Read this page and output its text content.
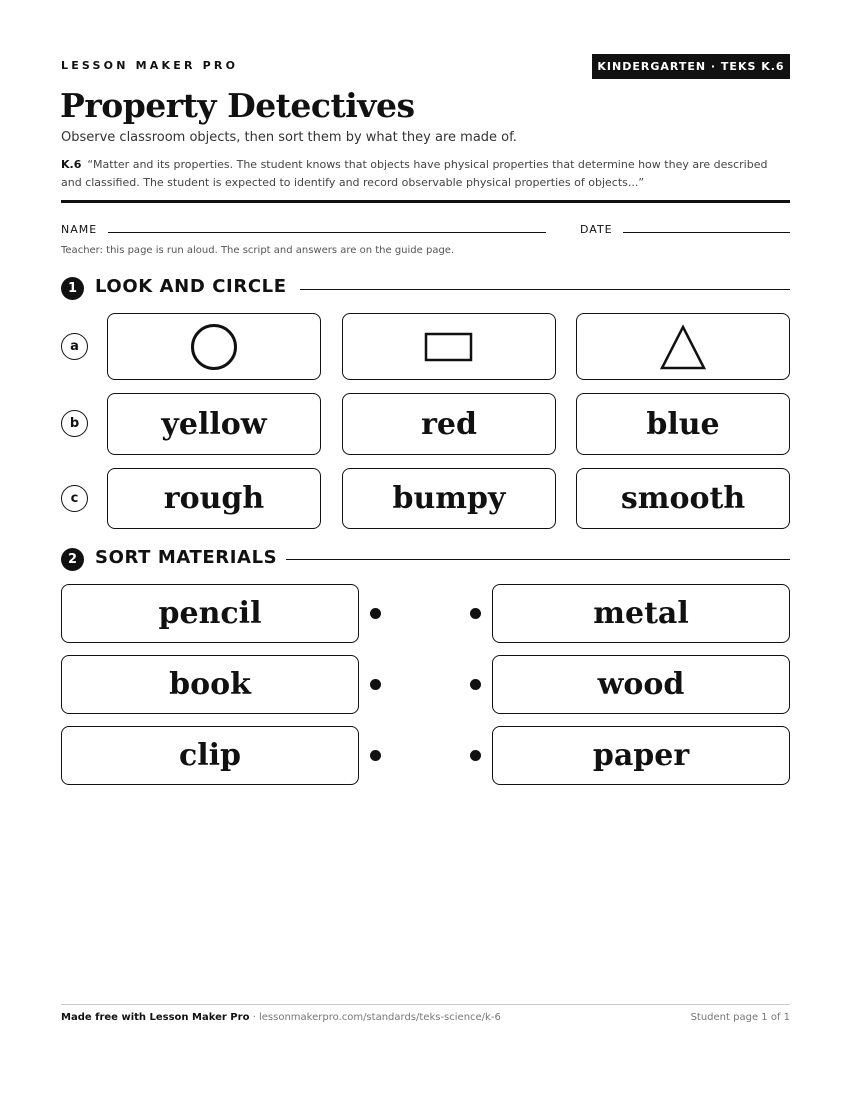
LESSON MAKER PRO	KINDERGARTEN · TEKS K.6
Property Detectives
Observe classroom objects, then sort them by what they are made of.
K.6 “Matter and its properties. The student knows that objects have physical properties that determine how they are described and classified. The student is expected to identify and record observable physical properties of objects...”
NAME	DATE
Teacher: this page is run aloud. The script and answers are on the guide page.
1 LOOK AND CIRCLE
a
b	yellow	red	blue
c	rough	bumpy	smooth
2 SORT MATERIALS
pencil	metal
book	wood
clip	paper
Made free with Lesson Maker Pro · lessonmakerpro.com/standards/teks-science/k-6	Student page 1 of 1
